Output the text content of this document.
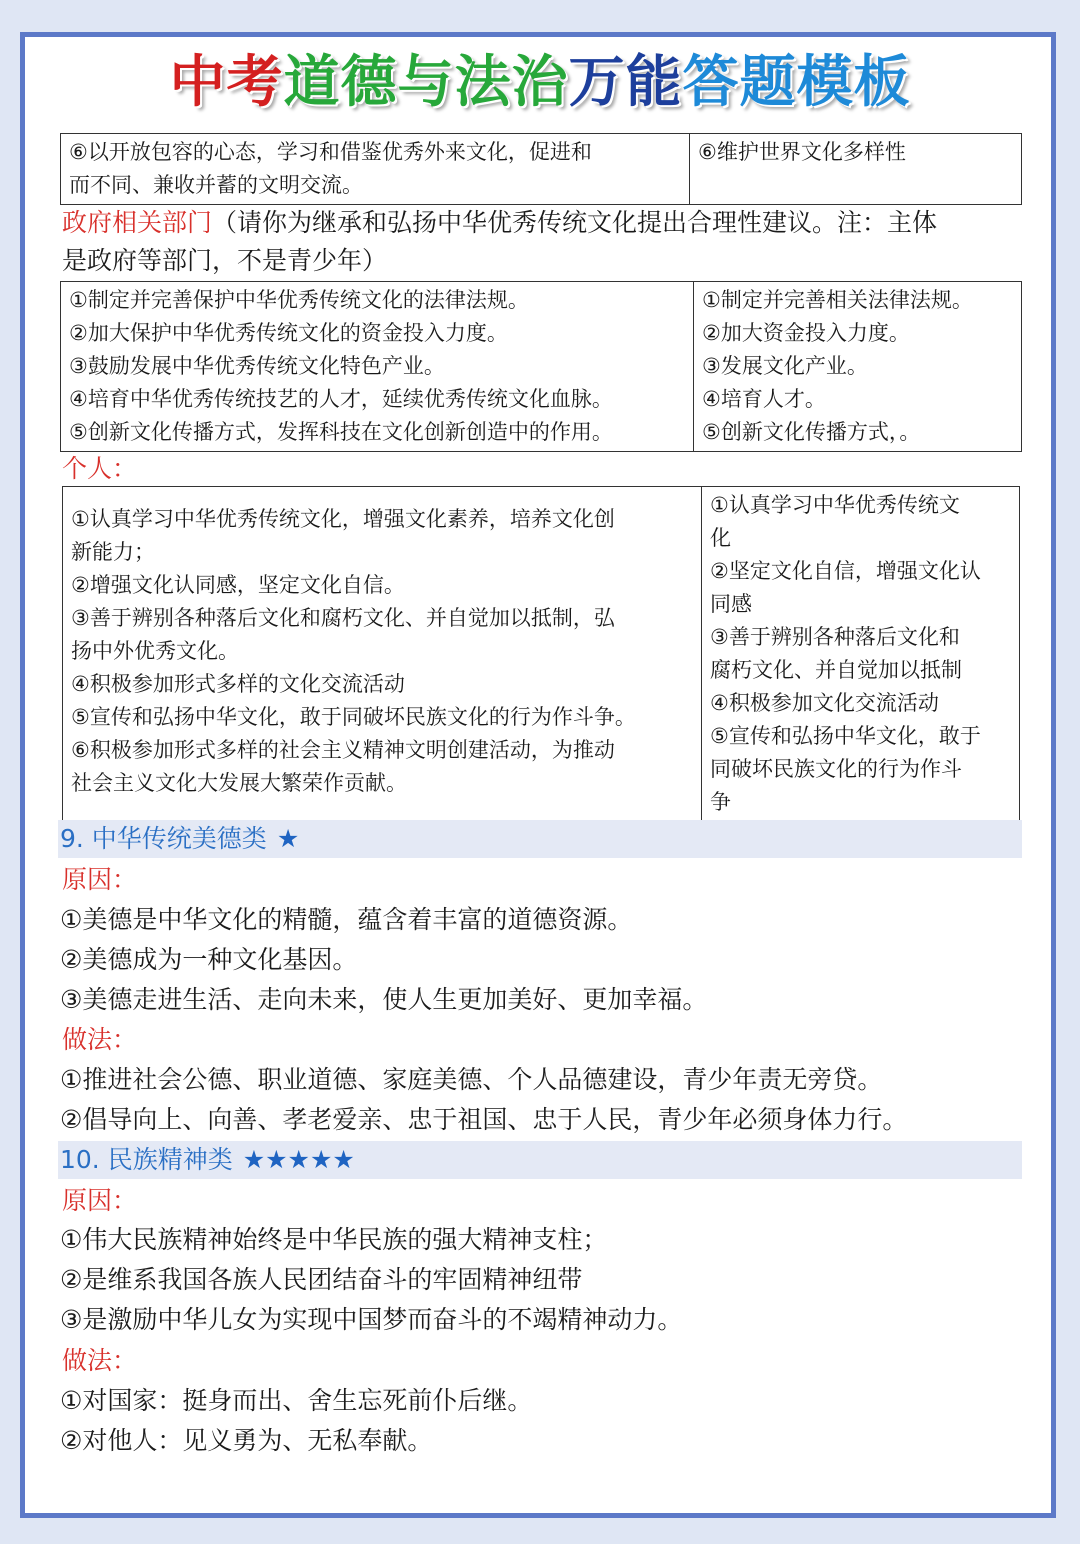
中考道德与法治万能答题模板
⑥以开放包容的心态，学习和借鉴优秀外来文化，促进和
而不同、兼收并蓄的文明交流。

⑥维护世界文化多样性
政府相关部门（请你为继承和弘扬中华优秀传统文化提出合理性建议。注：主体
是政府等部门，不是青少年）
①制定并完善保护中华优秀传统文化的法律法规。
②加大保护中华优秀传统文化的资金投入力度。
③鼓励发展中华优秀传统文化特色产业。
④培育中华优秀传统技艺的人才，延续优秀传统文化血脉。
⑤创新文化传播方式，发挥科技在文化创新创造中的作用。

①制定并完善相关法律法规。
②加大资金投入力度。
③发展文化产业。
④培育人才。
⑤创新文化传播方式，。
个人：
①认真学习中华优秀传统文化，增强文化素养，培养文化创
新能力；
②增强文化认同感，坚定文化自信。
③善于辨别各种落后文化和腐朽文化、并自觉加以抵制，弘
扬中外优秀文化。
④积极参加形式多样的文化交流活动
⑤宣传和弘扬中华文化，敢于同破坏民族文化的行为作斗争。
⑥积极参加形式多样的社会主义精神文明创建活动，为推动
社会主义文化大发展大繁荣作贡献。

①认真学习中华优秀传统文
化
②坚定文化自信，增强文化认
同感
③善于辨别各种落后文化和
腐朽文化、并自觉加以抵制
④积极参加文化交流活动
⑤宣传和弘扬中华文化，敢于
同破坏民族文化的行为作斗
争
9. 中华传统美德类 ★
原因：
①美德是中华文化的精髓，蕴含着丰富的道德资源。
②美德成为一种文化基因。
③美德走进生活、走向未来，使人生更加美好、更加幸福。
做法：
①推进社会公德、职业道德、家庭美德、个人品德建设，青少年责无旁贷。
②倡导向上、向善、孝老爱亲、忠于祖国、忠于人民，青少年必须身体力行。
10. 民族精神类 ★★★★★
原因：
①伟大民族精神始终是中华民族的强大精神支柱；
②是维系我国各族人民团结奋斗的牢固精神纽带
③是激励中华儿女为实现中国梦而奋斗的不竭精神动力。
做法：
①对国家：挺身而出、舍生忘死前仆后继。
②对他人：见义勇为、无私奉献。
